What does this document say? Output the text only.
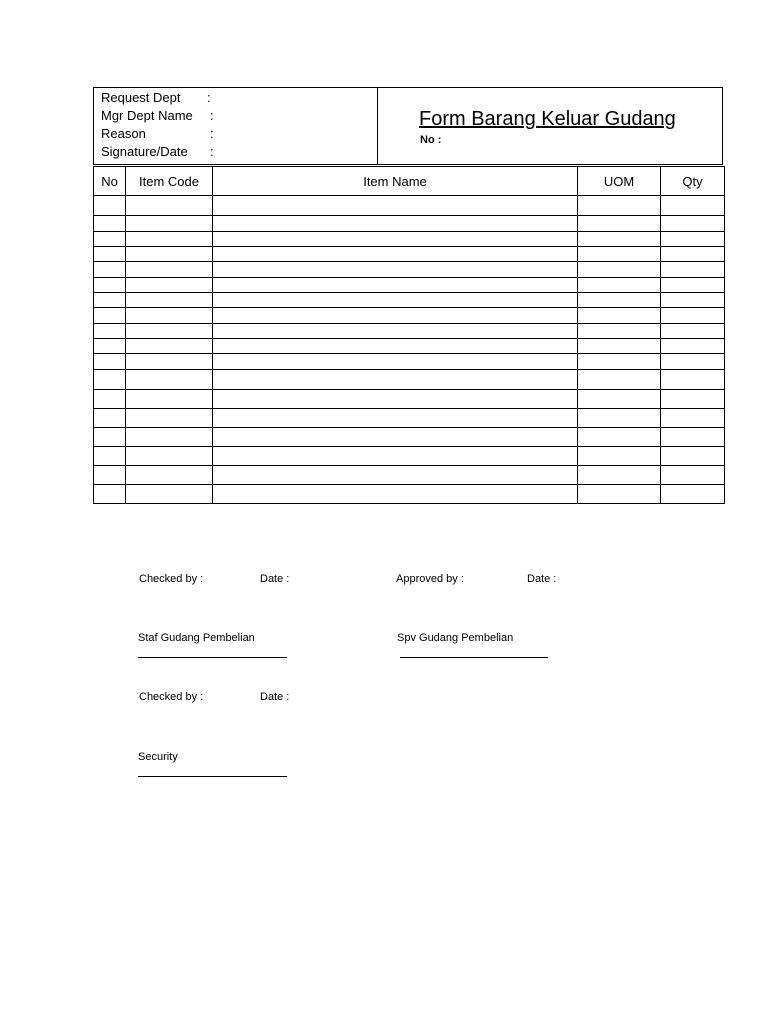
Request Dept :
Mgr Dept Name :
Reason	:
Signature/Date :
Form Barang Keluar Gudang
No :
No	Item Code	Item Name	UOM	Qty

Checked by :	Date :	Approved by :	Date :
Staf Gudang Pembelian	Spv Gudang Pembelian
Checked by :	Date :
Security
